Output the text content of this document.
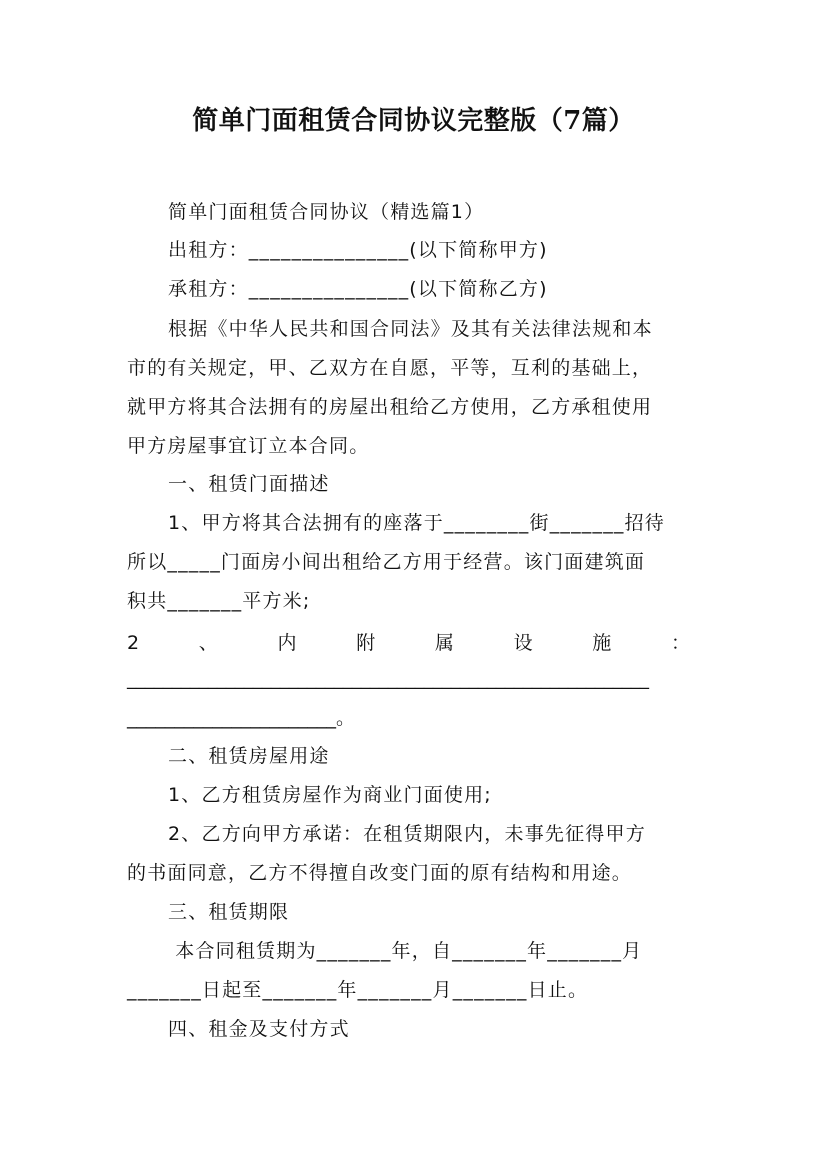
简单门面租赁合同协议完整版（7篇）

简单门面租赁合同协议（精选篇1）

出租方：_______________(以下简称甲方)

承租方：_______________(以下简称乙方)

根据《中华人民共和国合同法》及其有关法律法规和本

市的有关规定，甲、乙双方在自愿，平等，互利的基础上，

就甲方将其合法拥有的房屋出租给乙方使用，乙方承租使用

甲方房屋事宜订立本合同。

一、租赁门面描述

1、甲方将其合法拥有的座落于________街_______招待

所以_____门面房小间出租给乙方用于经营。该门面建筑面

积共_______平方米;

2	、	内	附	属	设	施	：

__________________________________________________________

______________________。

二、租赁房屋用途

1、乙方租赁房屋作为商业门面使用;

2、乙方向甲方承诺：在租赁期限内，未事先征得甲方

的书面同意，乙方不得擅自改变门面的原有结构和用途。

三、租赁期限

本合同租赁期为_______年，自_______年_______月

_______日起至_______年_______月_______日止。

四、租金及支付方式
